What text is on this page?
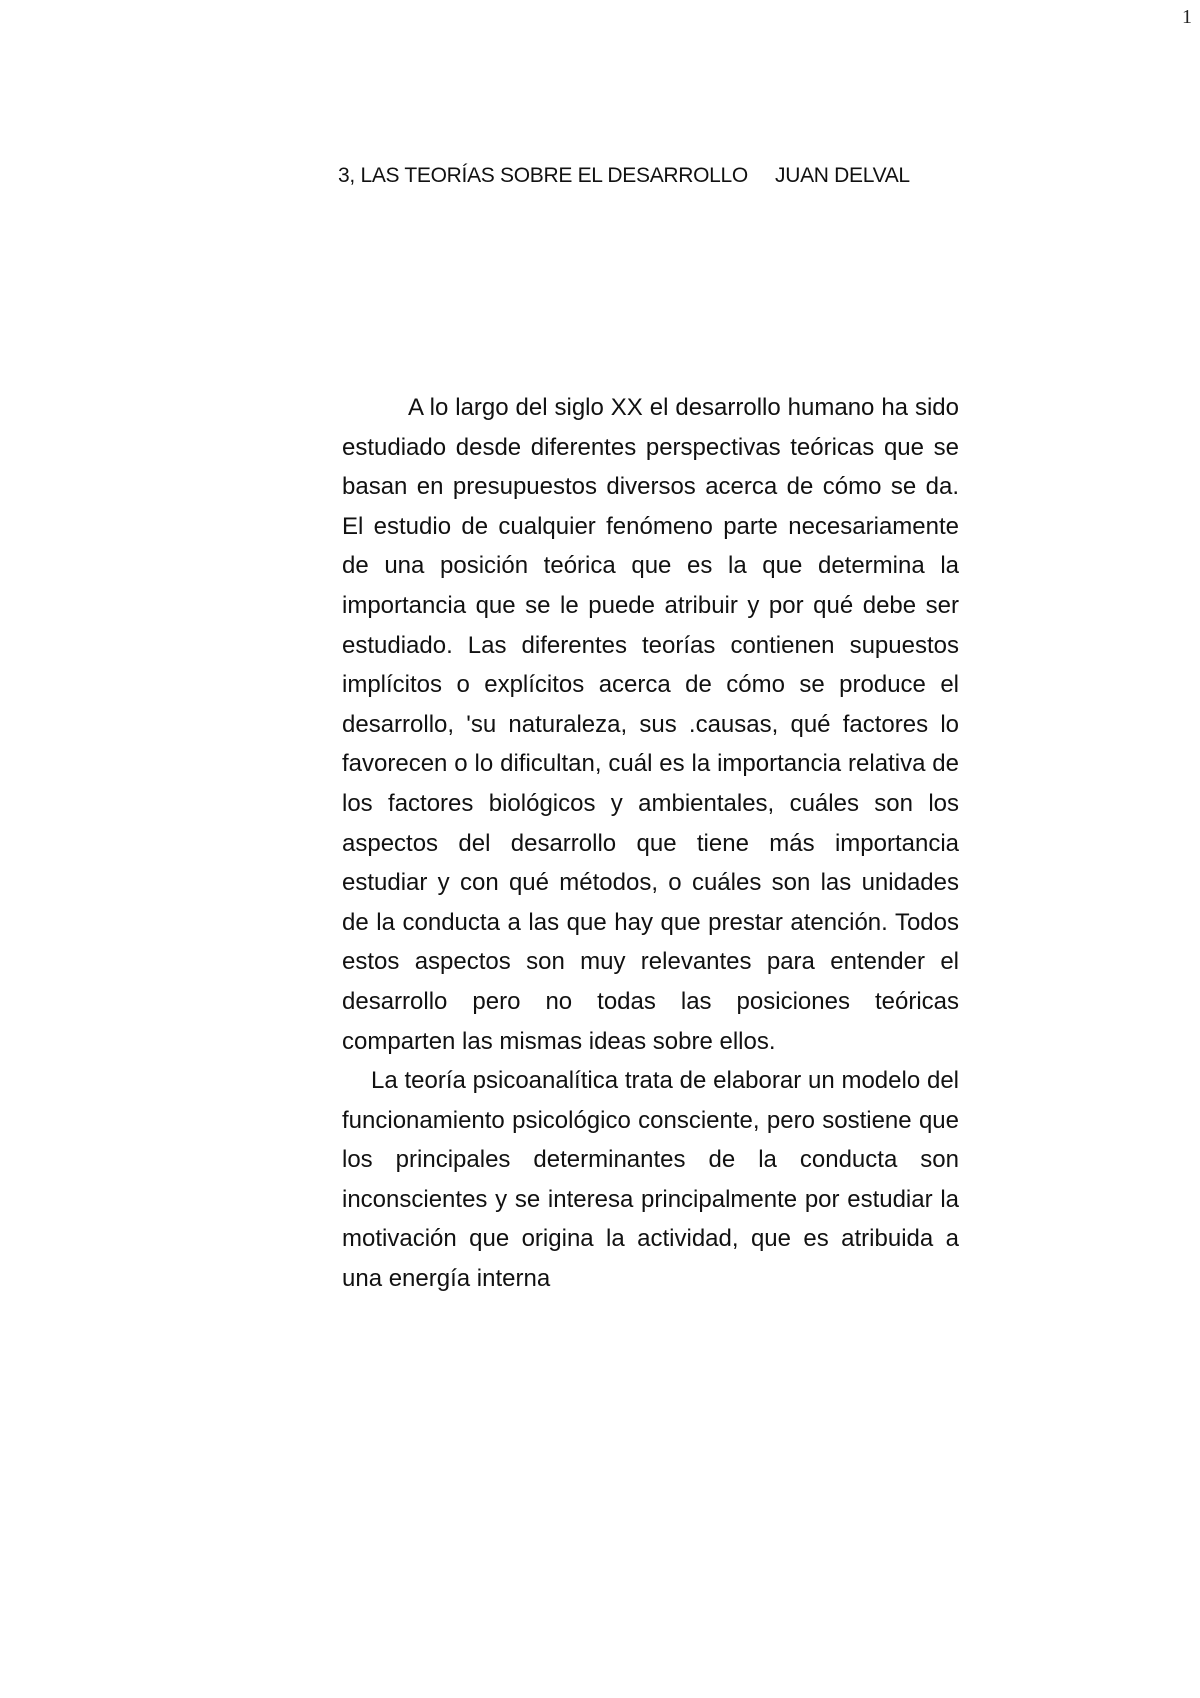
1
3, LAS TEORÍAS SOBRE EL DESARROLLO JUAN DELVAL

A lo largo del siglo XX el desarrollo humano ha sido estudiado desde diferentes perspectivas teóricas que se basan en presupuestos diversos acerca de cómo se da. El estudio de cualquier fenómeno parte necesariamente de una posición teórica que es la que determina la importancia que se le puede atribuir y por qué debe ser estudiado. Las diferentes teorías contienen supuestos implícitos o explícitos acerca de cómo se produce el desarrollo, 'su naturaleza, sus .causas, qué factores lo favorecen o lo dificultan, cuál es la importancia relativa de los factores biológicos y ambientales, cuáles son los aspectos del desarrollo que tiene más importancia estudiar y con qué métodos, o cuáles son las unidades de la conducta a las que hay que prestar atención. Todos estos aspectos son muy relevantes para entender el desarrollo pero no todas las posiciones teóricas comparten las mismas ideas sobre ellos.

La teoría psicoanalítica trata de elaborar un modelo del funcionamiento psicológico consciente, pero sostiene que los principales determinantes de la conducta son inconscientes y se interesa principalmente por estudiar la motivación que origina la actividad, que es atribuida a una energía interna
